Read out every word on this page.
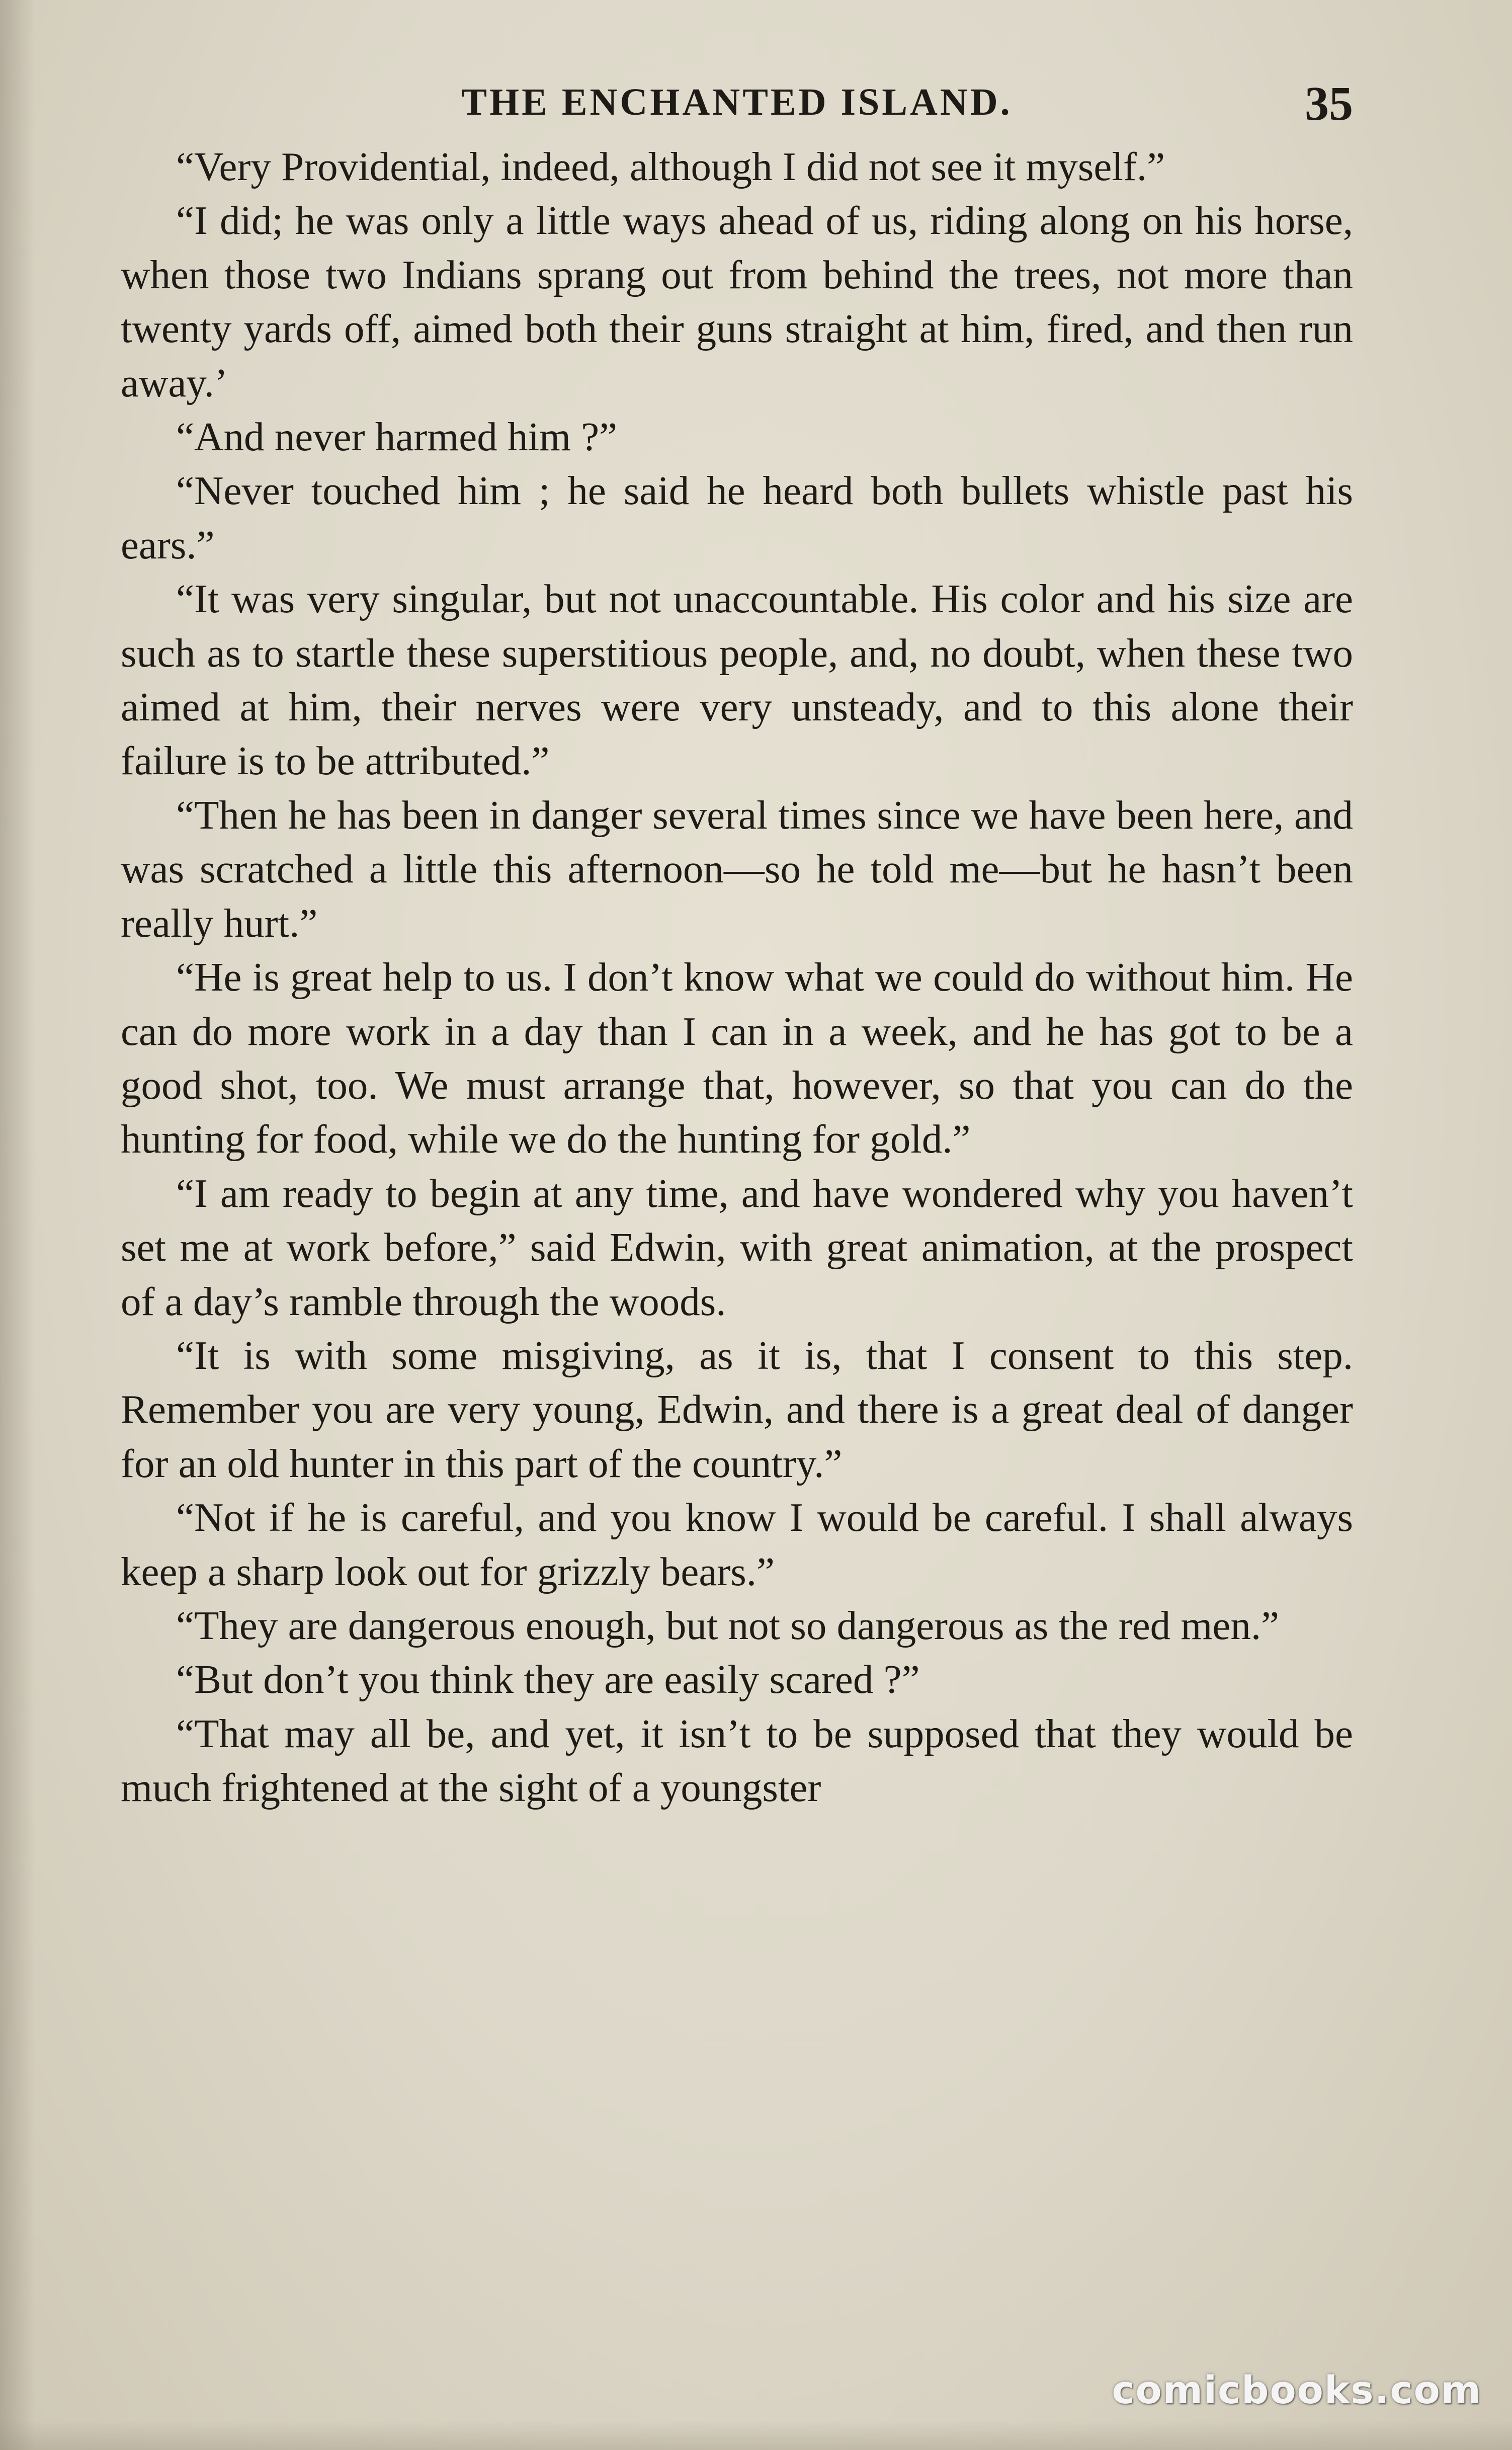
THE ENCHANTED ISLAND.	35

“Very Providential, indeed, although I did not see it myself.”

“I did; he was only a little ways ahead of us, riding along on his horse, when those two Indians sprang out from behind the trees, not more than twenty yards off, aimed both their guns straight at him, fired, and then run away.’

“And never harmed him ?”

“Never touched him ; he said he heard both bullets whistle past his ears.”

“It was very singular, but not unaccountable. His color and his size are such as to startle these superstitious people, and, no doubt, when these two aimed at him, their nerves were very unsteady, and to this alone their failure is to be attributed.”

“Then he has been in danger several times since we have been here, and was scratched a little this afternoon—so he told me—but he hasn’t been really hurt.”

“He is great help to us. I don’t know what we could do without him. He can do more work in a day than I can in a week, and he has got to be a good shot, too. We must arrange that, however, so that you can do the hunting for food, while we do the hunting for gold.”

“I am ready to begin at any time, and have wondered why you haven’t set me at work before,” said Edwin, with great animation, at the prospect of a day’s ramble through the woods.

“It is with some misgiving, as it is, that I consent to this step. Remember you are very young, Edwin, and there is a great deal of danger for an old hunter in this part of the country.”

“Not if he is careful, and you know I would be careful. I shall always keep a sharp look out for grizzly bears.”

“They are dangerous enough, but not so dangerous as the red men.”

“But don’t you think they are easily scared ?”

“That may all be, and yet, it isn’t to be supposed that they would be much frightened at the sight of a youngster

comicbooks.com
